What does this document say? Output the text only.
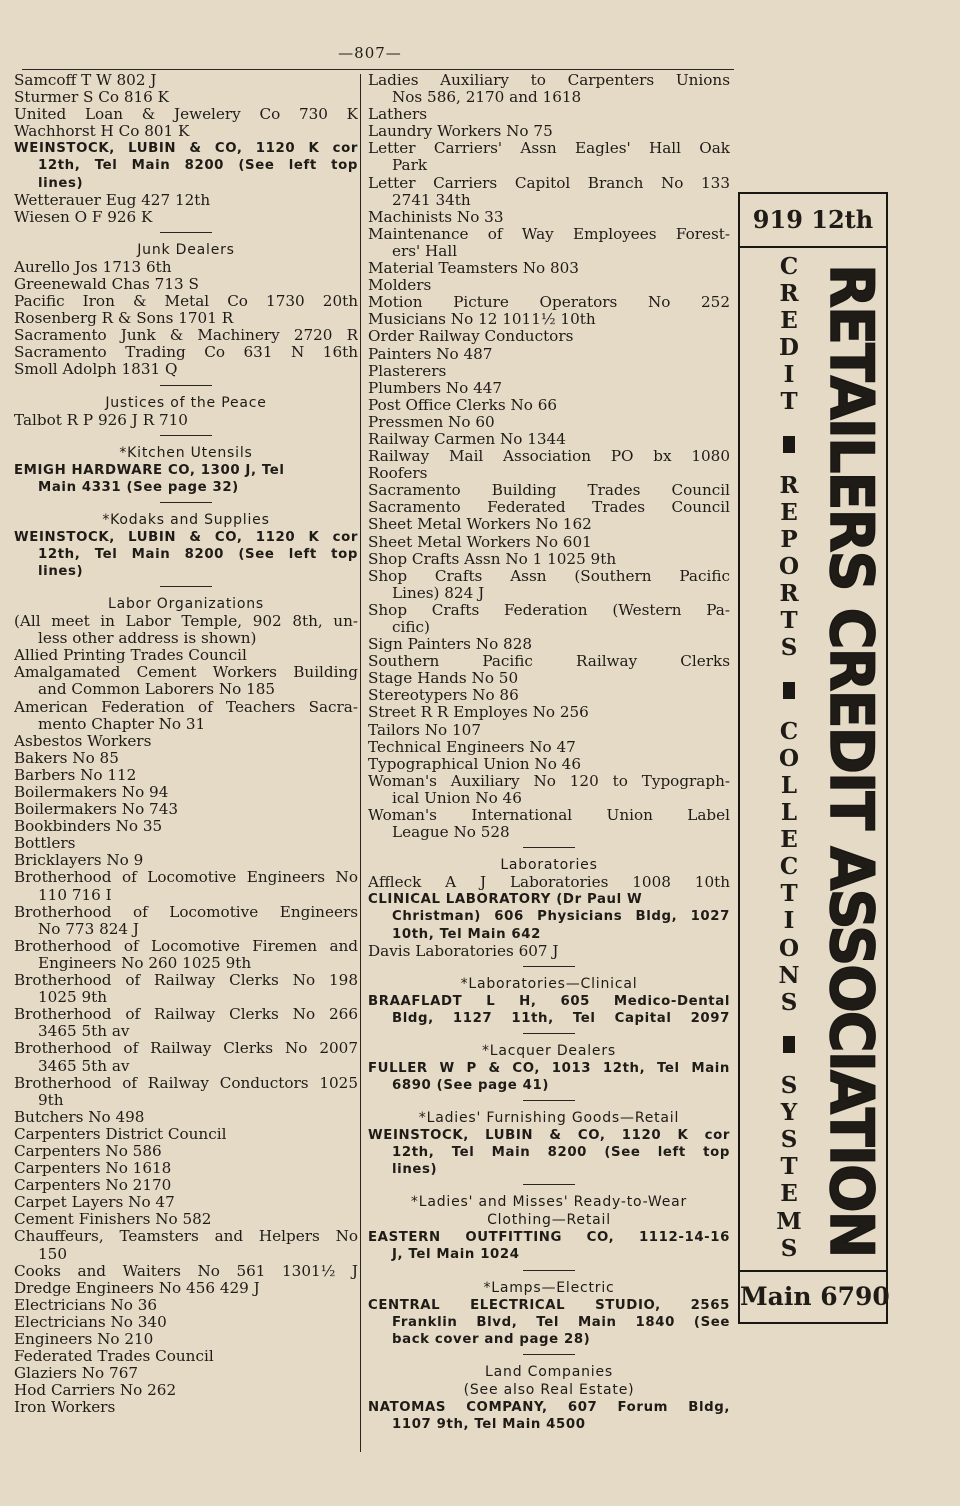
—807—
Samcoff T W 802 J
Sturmer S Co 816 K
United Loan & Jewelery Co 730 K
Wachhorst H Co 801 K
WEINSTOCK, LUBIN & CO, 1120 K cor
12th, Tel Main 8200 (See left top
lines)
Wetterauer Eug 427 12th
Wiesen O F 926 K
Junk Dealers
Aurello Jos 1713 6th
Greenewald Chas 713 S
Pacific Iron & Metal Co 1730 20th
Rosenberg R & Sons 1701 R
Sacramento Junk & Machinery 2720 R
Sacramento Trading Co 631 N 16th
Smoll Adolph 1831 Q
Justices of the Peace
Talbot R P 926 J R 710
*Kitchen Utensils
EMIGH HARDWARE CO, 1300 J, Tel
Main 4331 (See page 32)
*Kodaks and Supplies
WEINSTOCK, LUBIN & CO, 1120 K cor
12th, Tel Main 8200 (See left top
lines)
Labor Organizations
(All meet in Labor Temple, 902 8th, un-
less other address is shown)
Allied Printing Trades Council
Amalgamated Cement Workers Building
and Common Laborers No 185
American Federation of Teachers Sacra-
mento Chapter No 31
Asbestos Workers
Bakers No 85
Barbers No 112
Boilermakers No 94
Boilermakers No 743
Bookbinders No 35
Bottlers
Bricklayers No 9
Brotherhood of Locomotive Engineers No
110 716 I
Brotherhood of Locomotive Engineers
No 773 824 J
Brotherhood of Locomotive Firemen and
Engineers No 260 1025 9th
Brotherhood of Railway Clerks No 198
1025 9th
Brotherhood of Railway Clerks No 266
3465 5th av
Brotherhood of Railway Clerks No 2007
3465 5th av
Brotherhood of Railway Conductors 1025
9th
Butchers No 498
Carpenters District Council
Carpenters No 586
Carpenters No 1618
Carpenters No 2170
Carpet Layers No 47
Cement Finishers No 582
Chauffeurs, Teamsters and Helpers No
150
Cooks and Waiters No 561 1301½ J
Dredge Engineers No 456 429 J
Electricians No 36
Electricians No 340
Engineers No 210
Federated Trades Council
Glaziers No 767
Hod Carriers No 262
Iron Workers
Ladies Auxiliary to Carpenters Unions
Nos 586, 2170 and 1618
Lathers
Laundry Workers No 75
Letter Carriers' Assn Eagles' Hall Oak
Park
Letter Carriers Capitol Branch No 133
2741 34th
Machinists No 33
Maintenance of Way Employees Forest-
ers' Hall
Material Teamsters No 803
Molders
Motion Picture Operators No 252
Musicians No 12 1011½ 10th
Order Railway Conductors
Painters No 487
Plasterers
Plumbers No 447
Post Office Clerks No 66
Pressmen No 60
Railway Carmen No 1344
Railway Mail Association PO bx 1080
Roofers
Sacramento Building Trades Council
Sacramento Federated Trades Council
Sheet Metal Workers No 162
Sheet Metal Workers No 601
Shop Crafts Assn No 1 1025 9th
Shop Crafts Assn (Southern Pacific
Lines) 824 J
Shop Crafts Federation (Western Pa-
cific)
Sign Painters No 828
Southern Pacific Railway Clerks
Stage Hands No 50
Stereotypers No 86
Street R R Employes No 256
Tailors No 107
Technical Engineers No 47
Typographical Union No 46
Woman's Auxiliary No 120 to Typograph-
ical Union No 46
Woman's International Union Label
League No 528
Laboratories
Affleck A J Laboratories 1008 10th
CLINICAL LABORATORY (Dr Paul W
Christman) 606 Physicians Bldg, 1027
10th, Tel Main 642
Davis Laboratories 607 J
*Laboratories—Clinical
BRAAFLADT L H, 605 Medico-Dental
Bldg, 1127 11th, Tel Capital 2097
*Lacquer Dealers
FULLER W P & CO, 1013 12th, Tel Main
6890 (See page 41)
*Ladies' Furnishing Goods—Retail
WEINSTOCK, LUBIN & CO, 1120 K cor
12th, Tel Main 8200 (See left top
lines)
*Ladies' and Misses' Ready-to-Wear
Clothing—Retail
EASTERN OUTFITTING CO, 1112-14-16
J, Tel Main 1024
*Lamps—Electric
CENTRAL ELECTRICAL STUDIO, 2565
Franklin Blvd, Tel Main 1840 (See
back cover and page 28)
Land Companies
(See also Real Estate)
NATOMAS COMPANY, 607 Forum Bldg,
1107 9th, Tel Main 4500
919 12th
C
R
E
D
I
T
R
E
P
O
R
T
S
C
O
L
L
E
C
T
I
O
N
S
S
Y
S
T
E
M
S RETAILERS CREDIT ASSOCIATION
Main 6790
